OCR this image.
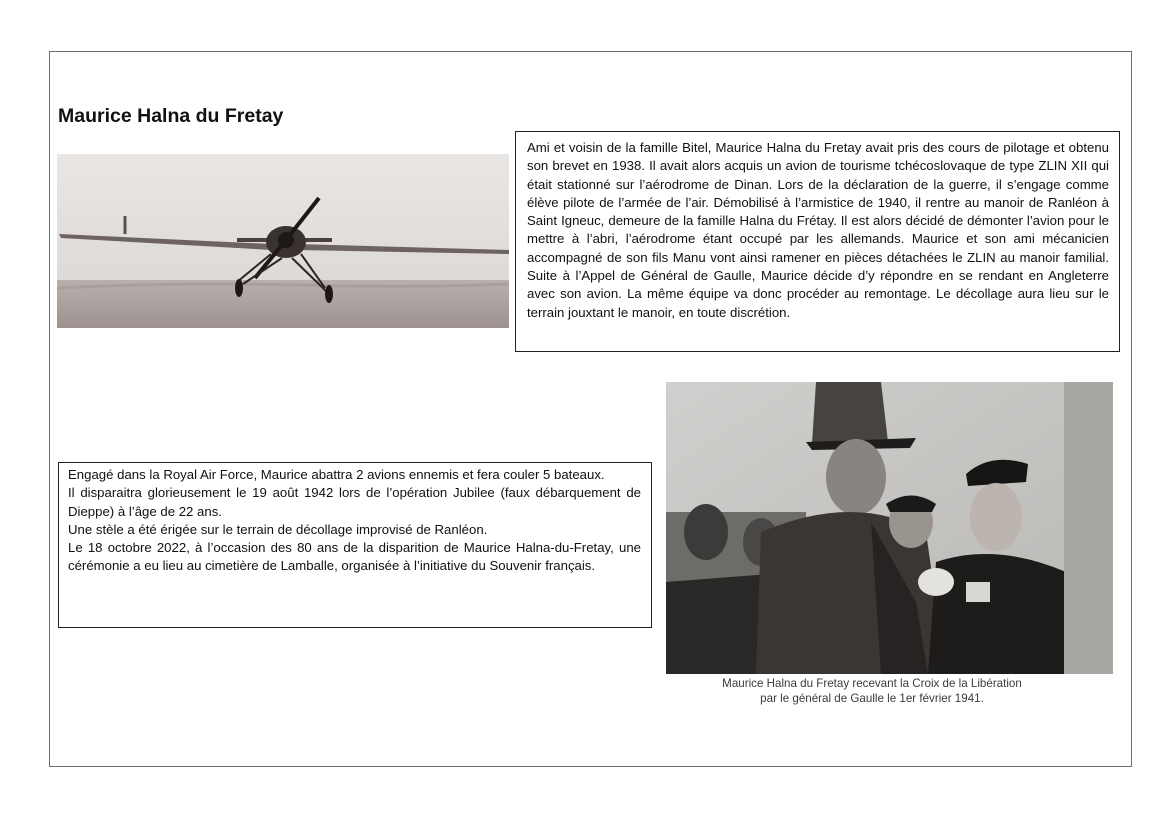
Maurice Halna du Fretay
Ami et voisin de la famille Bitel, Maurice Halna du Fretay avait pris des cours de pilotage et obtenu son brevet en 1938. Il avait alors acquis un avion de tourisme tchécoslovaque de type ZLIN XII qui était stationné sur l’aérodrome de Dinan. Lors de la déclaration de la guerre, il s’engage comme élève pilote de l’armée de l’air. Démobilisé à l’armistice de 1940, il rentre au manoir de Ranléon à Saint Igneuc, demeure de la famille Halna du Frétay. Il est alors décidé de démonter l’avion pour le mettre à l’abri, l’aérodrome étant occupé par les allemands. Maurice et son ami mécanicien accompagné de son fils Manu vont ainsi ramener en pièces détachées le ZLIN au manoir familial. Suite à l’Appel de Général de Gaulle, Maurice décide d’y répondre en se rendant en Angleterre avec son avion. La même équipe va donc procéder au remontage. Le décollage aura lieu sur le terrain jouxtant le manoir, en toute discrétion.

Engagé dans la Royal Air Force, Maurice abattra 2 avions ennemis et fera couler 5 bateaux.

Il disparaitra glorieusement le 19 août 1942 lors de l’opération Jubilee (faux débarquement de Dieppe) à l’âge de 22 ans.

Une stèle a été érigée sur le terrain de décollage improvisé de Ranléon.

Le 18 octobre 2022, à l’occasion des 80 ans de la disparition de Maurice Halna-du-Fretay, une cérémonie a eu lieu au cimetière de Lamballe, organisée à l’initiative du Souvenir français.

Maurice Halna du Fretay recevant la Croix de la Libération
par le général de Gaulle le 1er février 1941.
